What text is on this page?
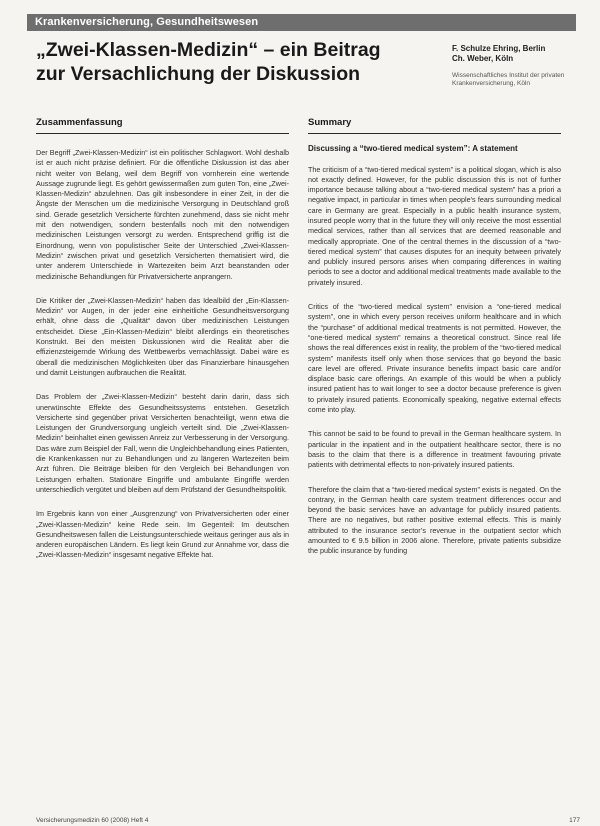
Krankenversicherung, Gesundheitswesen
„Zwei-Klassen-Medizin“ – ein Beitrag
zur Versachlichung der Diskussion
F. Schulze Ehring, Berlin
Ch. Weber, Köln
Wissenschaftliches Institut der privaten
Krankenversicherung, Köln
Zusammenfassung
Der Begriff „Zwei-Klassen-Medizin“ ist ein politischer Schlagwort. Wohl deshalb ist er auch nicht präzise definiert. Für die öffentliche Diskussion ist das aber nicht weiter von Belang, weil dem Begriff von vornherein eine wertende Aussage zugrunde liegt. Es gehört gewissermaßen zum guten Ton, eine „Zwei-Klassen-Medizin“ abzulehnen. Das gilt insbesondere in einer Zeit, in der die Ängste der Menschen um die medizinische Versorgung in Deutschland groß sind. Gerade gesetzlich Versicherte fürchten zunehmend, dass sie nicht mehr mit den notwendigen, sondern bestenfalls noch mit den notwendigen medizinischen Leistungen versorgt zu werden. Entsprechend griffig ist die Einordnung, wenn von populistischer Seite der Unterschied „Zwei-Klassen-Medizin“ zwischen privat und gesetzlich Versicherten thematisiert wird, die unter anderem Unterschiede in Wartezeiten beim Arzt beanstanden oder medizinische Behandlungen für Privatversicherte anprangern.
Die Kritiker der „Zwei-Klassen-Medizin“ haben das Idealbild der „Ein-Klassen-Medizin“ vor Augen, in der jeder eine einheitliche Gesundheitsversorgung erhält, ohne dass die „Qualität“ davon über medizinischen Leistungen entscheidet. Diese „Ein-Klassen-Medizin“ bleibt allerdings ein theoretisches Konstrukt. Bei den meisten Diskussionen wird die Realität aber die effizienzsteigernde Wirkung des Wettbewerbs vernachlässigt. Dabei wäre es überall die medizinischen Möglichkeiten über das Finanzierbare hinausgehen und damit Leistungen aufbrauchen die Realität.
Das Problem der „Zwei-Klassen-Medizin“ besteht darin darin, dass sich unerwünschte Effekte des Gesundheitssystems entstehen. Gesetzlich Versicherte sind gegenüber privat Versicherten benachteiligt, wenn etwa die Leistungen der Grundversorgung ungleich verteilt sind. Die „Zwei-Klassen-Medizin“ beinhaltet einen gewissen Anreiz zur Verbesserung in der Versorgung. Das wäre zum Beispiel der Fall, wenn die Ungleichbehandlung eines Patienten, die Krankenkassen nur zu Behandlungen und zu längeren Wartezeiten beim Arzt führen. Die Beiträge bleiben für den Vergleich bei Behandlungen von Leistungen erhalten. Stationäre Eingriffe und ambulante Eingriffe werden unterschiedlich vergütet und bleiben auf dem Prüfstand der Gesundheitspolitik.
Im Ergebnis kann von einer „Ausgrenzung“ von Privatversicherten oder einer „Zwei-Klassen-Medizin“ keine Rede sein. Im Gegenteil: Im deutschen Gesundheitswesen fallen die Leistungsunterschiede weitaus geringer aus als in anderen europäischen Ländern. Es liegt kein Grund zur Annahme vor, dass die „Zwei-Klassen-Medizin“ insgesamt negative Effekte hat.
Summary
Discussing a “two-tiered medical system”: A statement
The criticism of a “two-tiered medical system” is a political slogan, which is also not exactly defined. However, for the public discussion this is not of further importance because talking about a “two-tiered medical system” has a priori a negative impact, in particular in times when people’s fears surrounding medical care in Germany are great. Especially in a public health insurance system, insured people worry that in the future they will only receive the most essential medical services, rather than all services that are deemed reasonable and medically appropriate. One of the central themes in the discussion of a “two-tiered medical system” that causes disputes for an inequity between privately and publicly insured persons arises when comparing differences in waiting periods to see a doctor and additional medical treatments made available to the privately insured.
Critics of the “two-tiered medical system” envision a “one-tiered medical system”, one in which every person receives uniform healthcare and in which the “purchase” of additional medical treatments is not permitted. However, the “one-tiered medical system” remains a theoretical construct. Since real life shows the real differences exist in reality, the problem of the “two-tiered medical system” manifests itself only when those services that go beyond the basic care level are offered. Private insurance benefits impact basic care and/or displace basic care offerings. An example of this would be when a publicly insured patient has to wait longer to see a doctor because preference is given to privately insured patients. Economically speaking, negative external effects come into play.
This cannot be said to be found to prevail in the German healthcare system. In particular in the inpatient and in the outpatient healthcare sector, there is no basis to the claim that there is a difference in treatment favouring private patients with detrimental effects to non-privately insured patients.
Therefore the claim that a “two-tiered medical system” exists is negated. On the contrary, in the German health care system treatment differences occur and beyond the basic services have an advantage for publicly insured patients. There are no negatives, but rather positive external effects. This is mainly attributed to the insurance sector’s revenue in the outpatient sector which amounted to € 9.5 billion in 2006 alone. Therefore, private patients subsidize the public insurance by funding
Versicherungsmedizin 60 (2008) Heft 4	177
